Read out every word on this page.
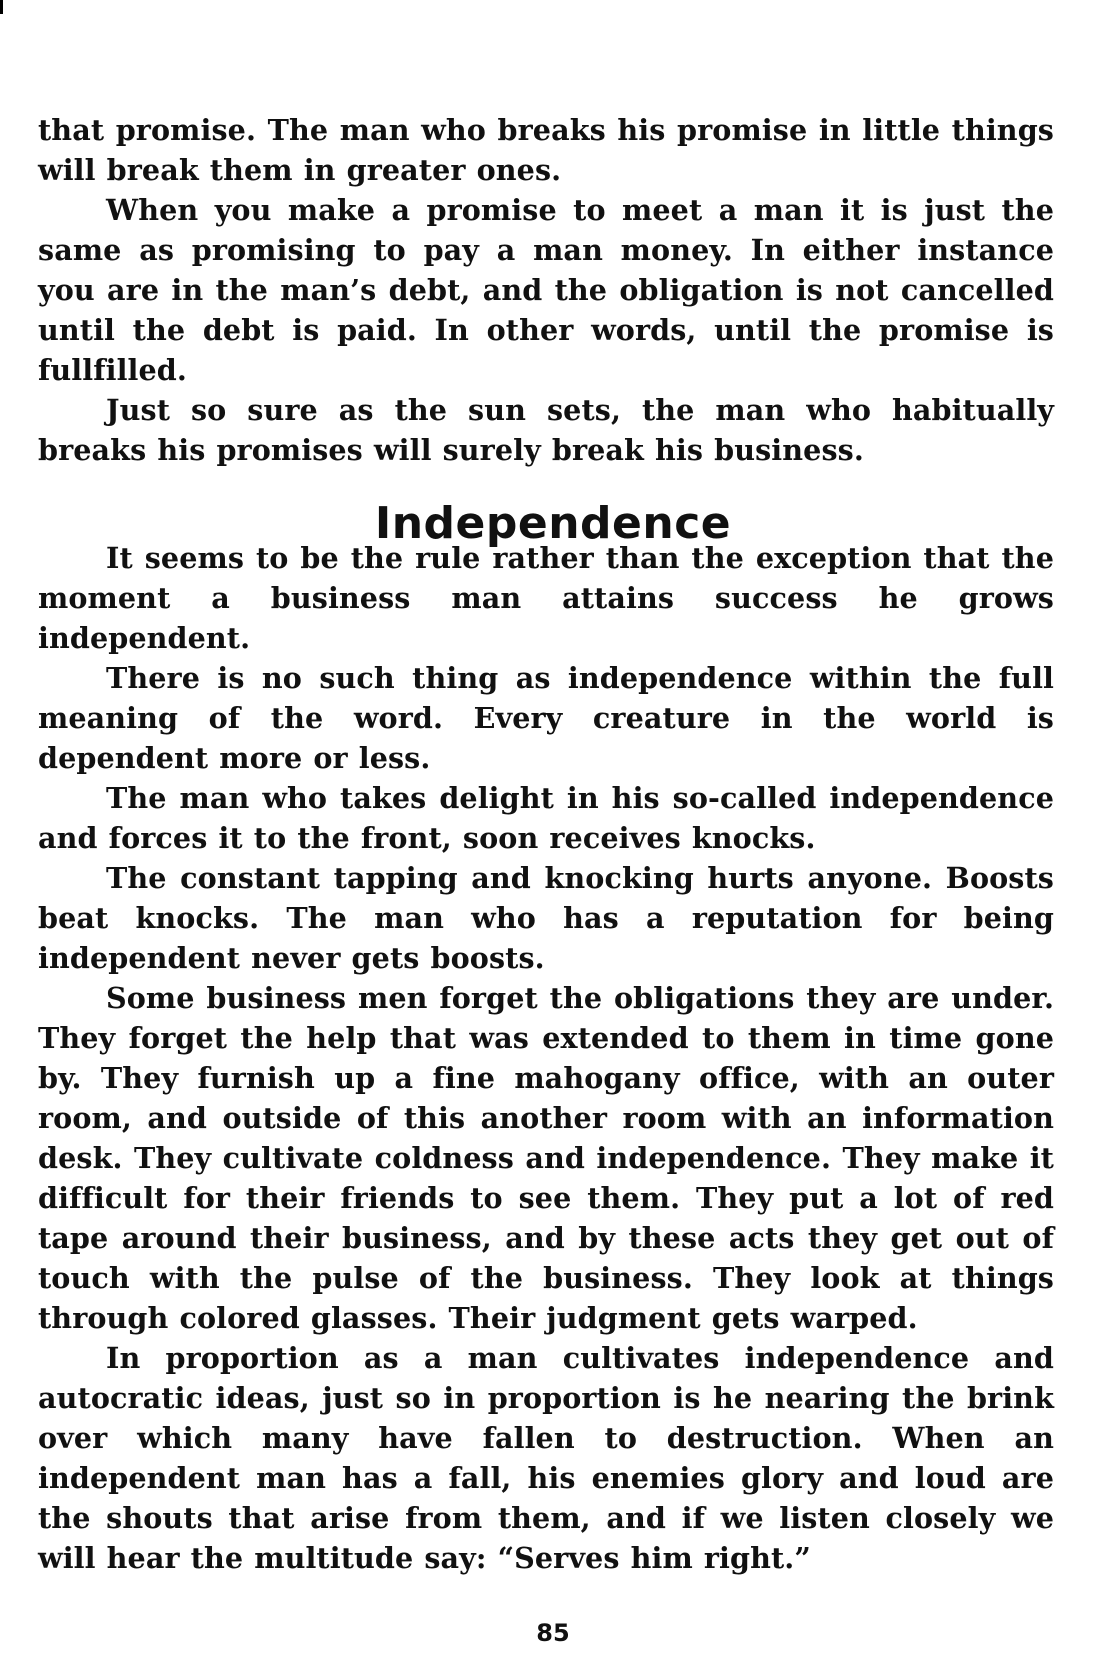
that promise. The man who breaks his promise in little things will break them in greater ones.

When you make a promise to meet a man it is just the same as promising to pay a man money. In either instance you are in the man’s debt, and the obligation is not cancelled until the debt is paid. In other words, until the promise is fullfilled.

Just so sure as the sun sets, the man who habitually breaks his promises will surely break his business.

Independence

It seems to be the rule rather than the exception that the moment a business man attains success he grows independent.

There is no such thing as independence within the full meaning of the word. Every creature in the world is dependent more or less.

The man who takes delight in his so-called independence and forces it to the front, soon receives knocks.

The constant tapping and knocking hurts anyone. Boosts beat knocks. The man who has a reputation for being independent never gets boosts.

Some business men forget the obligations they are under. They forget the help that was extended to them in time gone by. They furnish up a fine mahogany office, with an outer room, and outside of this another room with an information desk. They cultivate coldness and independence. They make it difficult for their friends to see them. They put a lot of red tape around their business, and by these acts they get out of touch with the pulse of the business. They look at things through colored glasses. Their judgment gets warped.

In proportion as a man cultivates independence and autocratic ideas, just so in proportion is he nearing the brink over which many have fallen to destruction. When an independent man has a fall, his enemies glory and loud are the shouts that arise from them, and if we listen closely we will hear the multitude say: “Serves him right.”

85
